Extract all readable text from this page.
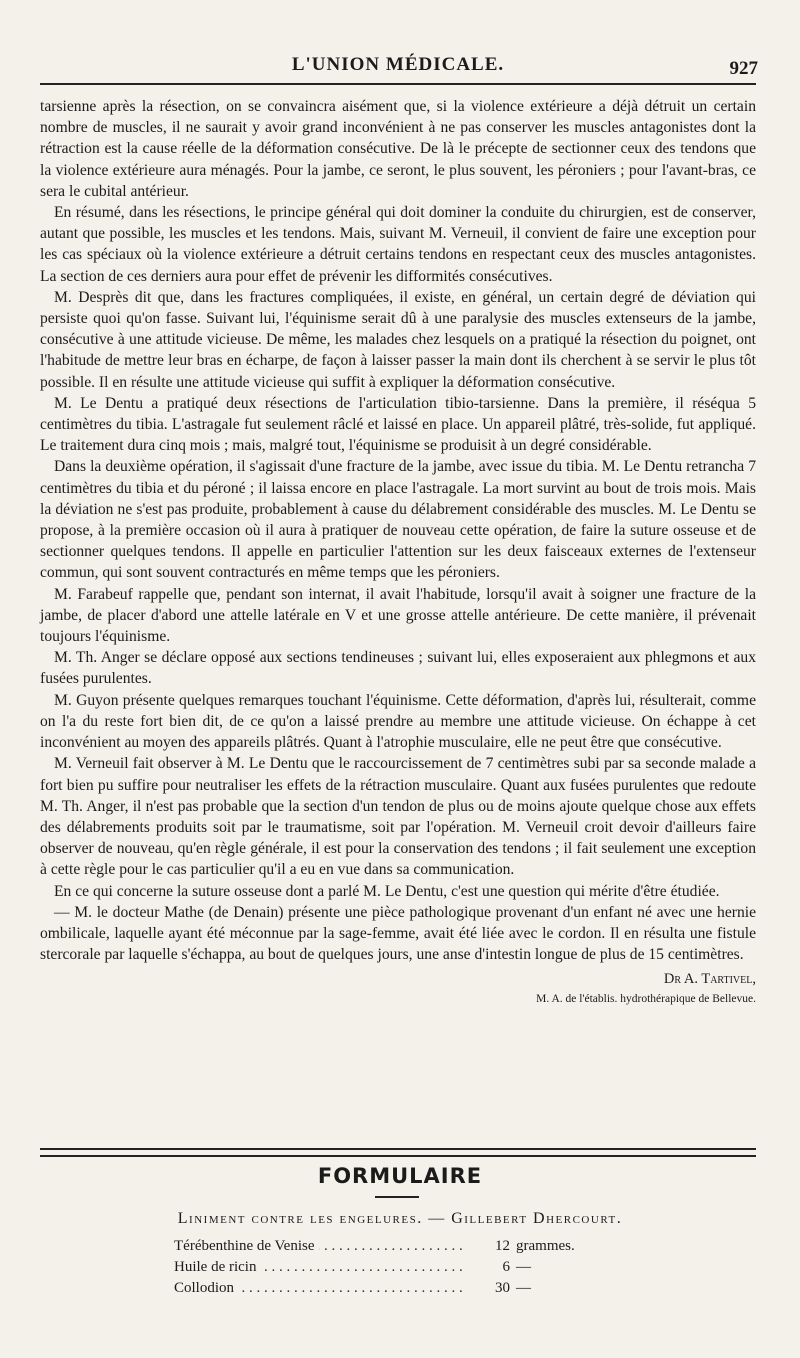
L'UNION MÉDICALE.	927

tarsienne après la résection, on se convaincra aisément que, si la violence extérieure a déjà détruit un certain nombre de muscles, il ne saurait y avoir grand inconvénient à ne pas conserver les muscles antagonistes dont la rétraction est la cause réelle de la déformation consécutive. De là le précepte de sectionner ceux des tendons que la violence extérieure aura ménagés. Pour la jambe, ce seront, le plus souvent, les péroniers ; pour l'avant-bras, ce sera le cubital antérieur.

En résumé, dans les résections, le principe général qui doit dominer la conduite du chirurgien, est de conserver, autant que possible, les muscles et les tendons. Mais, suivant M. Verneuil, il convient de faire une exception pour les cas spéciaux où la violence extérieure a détruit certains tendons en respectant ceux des muscles antagonistes. La section de ces derniers aura pour effet de prévenir les difformités consécutives.

M. Desprès dit que, dans les fractures compliquées, il existe, en général, un certain degré de déviation qui persiste quoi qu'on fasse. Suivant lui, l'équinisme serait dû à une paralysie des muscles extenseurs de la jambe, consécutive à une attitude vicieuse. De même, les malades chez lesquels on a pratiqué la résection du poignet, ont l'habitude de mettre leur bras en écharpe, de façon à laisser passer la main dont ils cherchent à se servir le plus tôt possible. Il en résulte une attitude vicieuse qui suffit à expliquer la déformation consécutive.

M. Le Dentu a pratiqué deux résections de l'articulation tibio-tarsienne. Dans la première, il réséqua 5 centimètres du tibia. L'astragale fut seulement râclé et laissé en place. Un appareil plâtré, très-solide, fut appliqué. Le traitement dura cinq mois ; mais, malgré tout, l'équinisme se produisit à un degré considérable.

Dans la deuxième opération, il s'agissait d'une fracture de la jambe, avec issue du tibia. M. Le Dentu retrancha 7 centimètres du tibia et du péroné ; il laissa encore en place l'astragale. La mort survint au bout de trois mois. Mais la déviation ne s'est pas produite, probablement à cause du délabrement considérable des muscles. M. Le Dentu se propose, à la première occasion où il aura à pratiquer de nouveau cette opération, de faire la suture osseuse et de sectionner quelques tendons. Il appelle en particulier l'attention sur les deux faisceaux externes de l'extenseur commun, qui sont souvent contracturés en même temps que les péroniers.

M. Farabeuf rappelle que, pendant son internat, il avait l'habitude, lorsqu'il avait à soigner une fracture de la jambe, de placer d'abord une attelle latérale en V et une grosse attelle antérieure. De cette manière, il prévenait toujours l'équinisme.

M. Th. Anger se déclare opposé aux sections tendineuses ; suivant lui, elles exposeraient aux phlegmons et aux fusées purulentes.

M. Guyon présente quelques remarques touchant l'équinisme. Cette déformation, d'après lui, résulterait, comme on l'a du reste fort bien dit, de ce qu'on a laissé prendre au membre une attitude vicieuse. On échappe à cet inconvénient au moyen des appareils plâtrés. Quant à l'atrophie musculaire, elle ne peut être que consécutive.

M. Verneuil fait observer à M. Le Dentu que le raccourcissement de 7 centimètres subi par sa seconde malade a fort bien pu suffire pour neutraliser les effets de la rétraction musculaire. Quant aux fusées purulentes que redoute M. Th. Anger, il n'est pas probable que la section d'un tendon de plus ou de moins ajoute quelque chose aux effets des délabrements produits soit par le traumatisme, soit par l'opération. M. Verneuil croit devoir d'ailleurs faire observer de nouveau, qu'en règle générale, il est pour la conservation des tendons ; il fait seulement une exception à cette règle pour le cas particulier qu'il a eu en vue dans sa communication.

En ce qui concerne la suture osseuse dont a parlé M. Le Dentu, c'est une question qui mérite d'être étudiée.

— M. le docteur Mathe (de Denain) présente une pièce pathologique provenant d'un enfant né avec une hernie ombilicale, laquelle ayant été méconnue par la sage-femme, avait été liée avec le cordon. Il en résulta une fistule stercorale par laquelle s'échappa, au bout de quelques jours, une anse d'intestin longue de plus de 15 centimètres.

Dr A. Tartivel,
M. A. de l'établis. hydrothérapique de Bellevue.
FORMULAIRE
Liniment contre les engelures. — Gillebert Dhercourt.
. . .
Térébenthine de Venise	12 grammes.
. . .
Huile de ricin	6 —
. . .
Collodion	30 —
